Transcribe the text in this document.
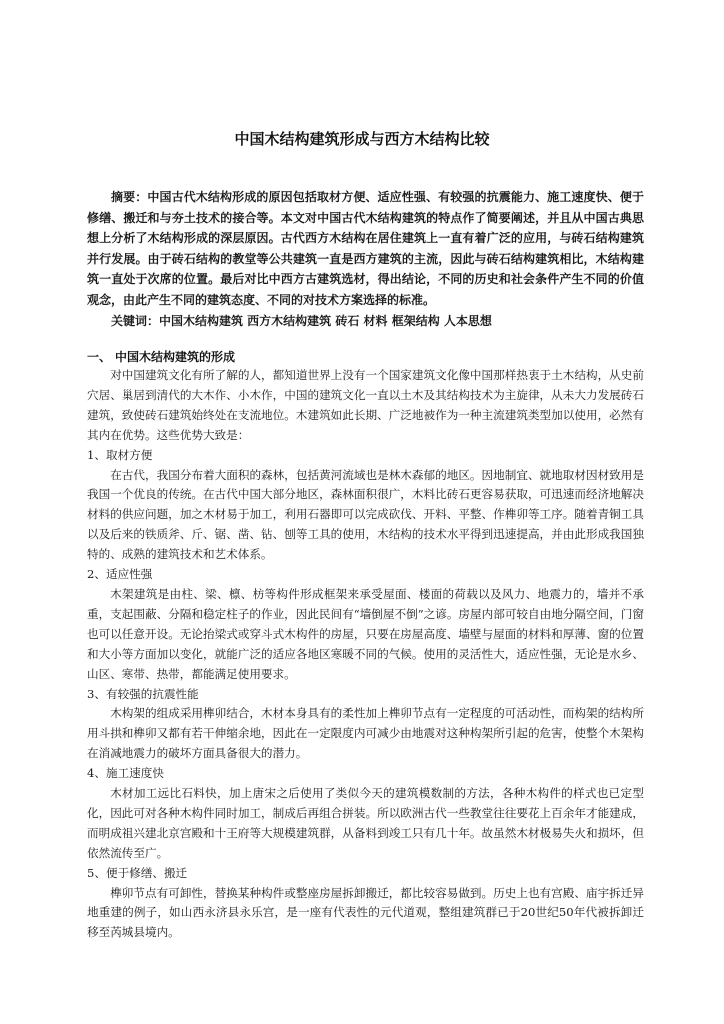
中国木结构建筑形成与西方木结构比较

摘要：中国古代木结构形成的原因包括取材方便、适应性强、有较强的抗震能力、施工速度快、便于修缮、搬迁和与夯土技术的接合等。本文对中国古代木结构建筑的特点作了简要阐述，并且从中国古典思想上分析了木结构形成的深层原因。古代西方木结构在居住建筑上一直有着广泛的应用，与砖石结构建筑并行发展。由于砖石结构的教堂等公共建筑一直是西方建筑的主流，因此与砖石结构建筑相比，木结构建筑一直处于次席的位置。最后对比中西方古建筑选材，得出结论，不同的历史和社会条件产生不同的价值观念，由此产生不同的建筑态度、不同的对技术方案选择的标准。

关键词：中国木结构建筑 西方木结构建筑 砖石 材料 框架结构 人本思想

一、 中国木结构建筑的形成

对中国建筑文化有所了解的人，都知道世界上没有一个国家建筑文化像中国那样热衷于土木结构，从史前穴居、巢居到清代的大木作、小木作，中国的建筑文化一直以土木及其结构技术为主旋律，从未大力发展砖石建筑，致使砖石建筑始终处在支流地位。木建筑如此长期、广泛地被作为一种主流建筑类型加以使用，必然有其内在优势。这些优势大致是：

1、取材方便

在古代，我国分布着大面积的森林，包括黄河流域也是林木森郁的地区。因地制宜、就地取材因材致用是我国一个优良的传统。在古代中国大部分地区，森林面积很广，木料比砖石更容易获取，可迅速而经济地解决材料的供应问题，加之木材易于加工，利用石器即可以完成砍伐、开料、平整、作榫卯等工序。随着青铜工具以及后来的铁质斧、斤、锯、凿、钻、刨等工具的使用，木结构的技术水平得到迅速提高，并由此形成我国独特的、成熟的建筑技术和艺术体系。

2、适应性强

木架建筑是由柱、梁、檩、枋等构件形成框架来承受屋面、楼面的荷载以及风力、地震力的，墙并不承重，支起围蔽、分隔和稳定柱子的作业，因此民间有“墙倒屋不倒”之谚。房屋内部可较自由地分隔空间，门窗也可以任意开设。无论抬梁式或穿斗式木构件的房屋，只要在房屋高度、墙壁与屋面的材料和厚薄、窗的位置和大小等方面加以变化，就能广泛的适应各地区寒暖不同的气候。使用的灵活性大，适应性强，无论是水乡、山区、寒带、热带，都能满足使用要求。

3、有较强的抗震性能

木构架的组成采用榫卯结合，木材本身具有的柔性加上榫卯节点有一定程度的可活动性，而构架的结构所用斗拱和榫卯又都有若干伸缩余地，因此在一定限度内可减少由地震对这种构架所引起的危害，使整个木架构在消减地震力的破坏方面具备很大的潜力。

4、施工速度快

木材加工远比石料快，加上唐宋之后使用了类似今天的建筑模数制的方法，各种木构件的样式也已定型化，因此可对各种木构件同时加工，制成后再组合拼装。所以欧洲古代一些教堂往往要花上百余年才能建成，而明成祖兴建北京宫殿和十王府等大规模建筑群，从备料到竣工只有几十年。故虽然木材极易失火和损坏，但依然流传至广。

5、便于修缮、搬迁

榫卯节点有可卸性，替换某种构件或整座房屋拆卸搬迁，都比较容易做到。历史上也有宫殿、庙宇拆迁异地重建的例子，如山西永济县永乐宫，是一座有代表性的元代道观，整组建筑群已于20世纪50年代被拆卸迁移至芮城县境内。
